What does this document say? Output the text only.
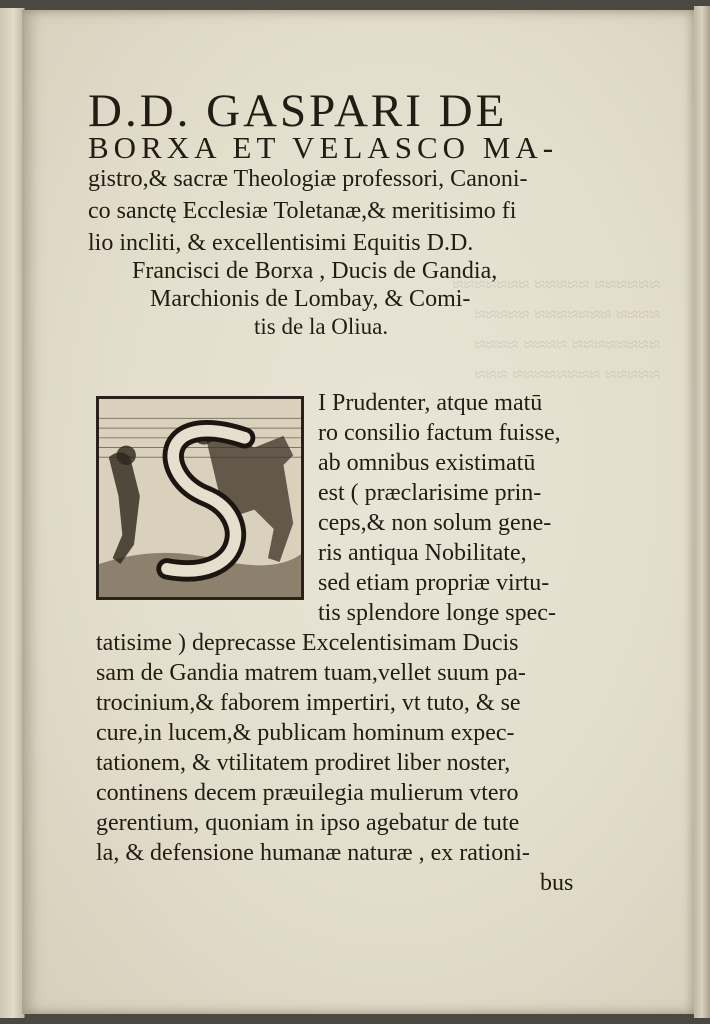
≈≈≈≈≈≈ ≈≈≈≈≈ ≈≈≈≈≈≈≈
≈≈≈≈ ≈≈≈≈≈≈≈ ≈≈≈≈≈
≈≈≈≈≈≈≈≈ ≈≈≈≈ ≈≈≈≈
≈≈≈≈≈ ≈≈≈≈≈≈≈≈ ≈≈≈
D.D. GASPARI DE
BORXA ET VELASCO MA-
gistro,& sacræ Theologiæ professori, Canoni-
co sanctę Ecclesiæ Toletanæ,& meritisimo fi
lio incliti, & excellentisimi Equitis D.D.
Francisci de Borxa , Ducis de Gandia,
Marchionis de Lombay, & Comi-
tis de la Oliua.
I Prudenter, atque matū
ro consilio factum fuisse,
ab omnibus existimatū
est ( præclarisime prin-
ceps,& non solum gene-
ris antiqua Nobilitate,
sed etiam propriæ virtu-
tis splendore longe spec-
tatisime ) deprecasse Excelentisimam Ducis
sam de Gandia matrem tuam,vellet suum pa-
trocinium,& faborem impertiri, vt tuto, & se
cure,in lucem,& publicam hominum expec-
tationem, & vtilitatem prodiret liber noster,
continens decem præuilegia mulierum vtero
gerentium, quoniam in ipso agebatur de tute
la, & defensione humanæ naturæ , ex rationi-
bus
